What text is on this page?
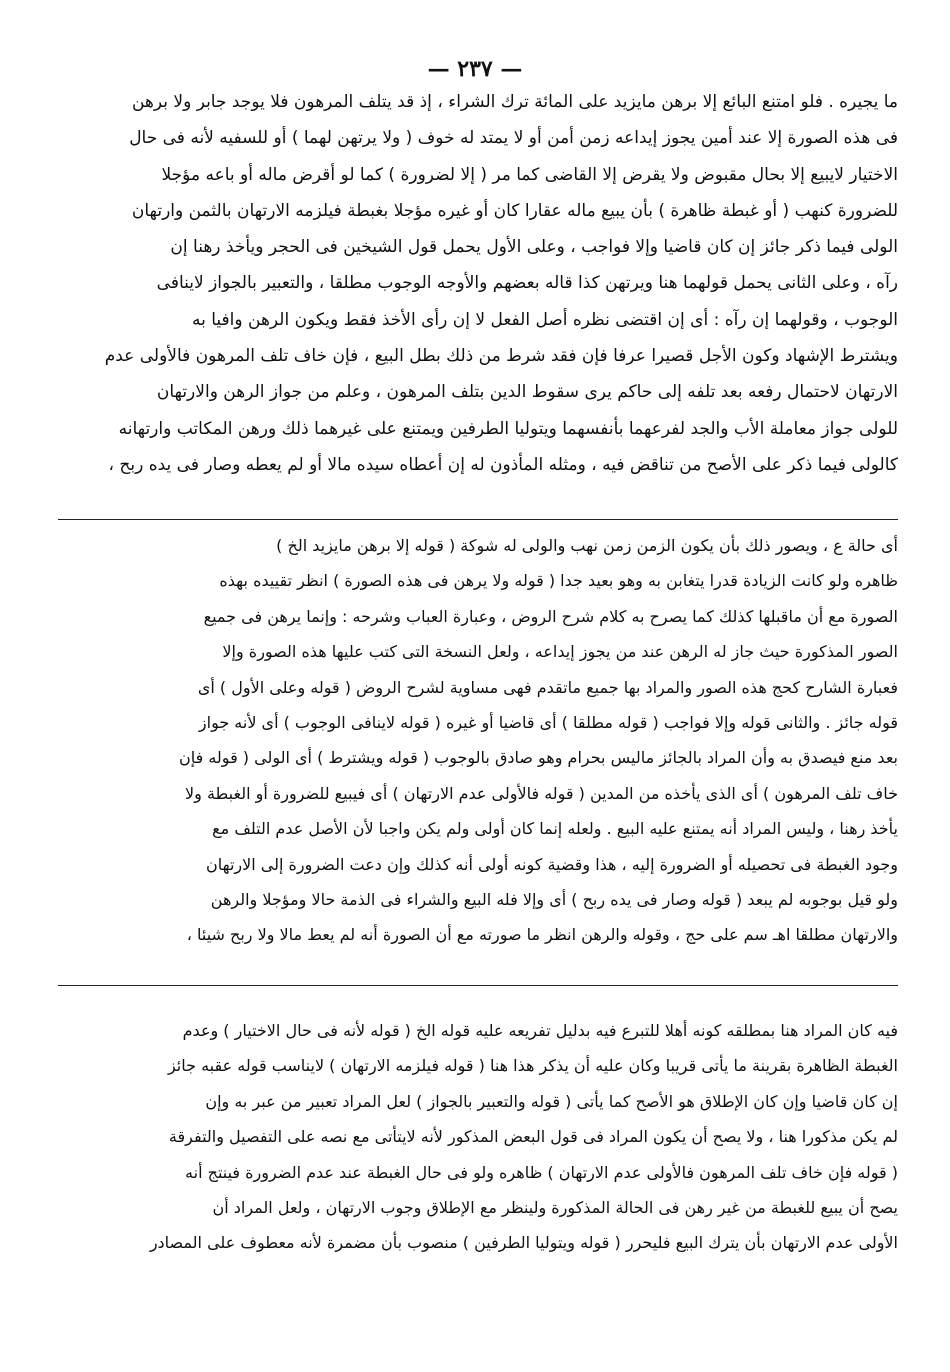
— ٢٣٧ —
ما يجيره . فلو امتنع البائع إلا برهن مايزيد على المائة ترك الشراء ، إذ قد يتلف المرهون فلا يوجد جابر ولا برهن
فى هذه الصورة إلا عند أمين يجوز إيداعه زمن أمن أو لا يمتد له خوف ( ولا يرتهن لهما ) أو للسفيه لأنه فى حال
الاختيار لايبيع إلا بحال مقبوض ولا يقرض إلا القاضى كما مر ( إلا لضرورة ) كما لو أقرض ماله أو باعه مؤجلا
للضرورة كنهب ( أو غبطة ظاهرة ) بأن يبيع ماله عقارا كان أو غيره مؤجلا بغبطة فيلزمه الارتهان بالثمن وارتهان
الولى فيما ذكر جائز إن كان قاضيا وإلا فواجب ، وعلى الأول يحمل قول الشيخين فى الحجر ويأخذ رهنا إن
رآه ، وعلى الثانى يحمل قولهما هنا ويرتهن كذا قاله بعضهم والأوجه الوجوب مطلقا ، والتعبير بالجواز لاينافى
الوجوب ، وقولهما إن رآه : أى إن اقتضى نظره أصل الفعل لا إن رأى الأخذ فقط ويكون الرهن وافيا به
ويشترط الإشهاد وكون الأجل قصيرا عرفا فإن فقد شرط من ذلك بطل البيع ، فإن خاف تلف المرهون فالأولى عدم
الارتهان لاحتمال رفعه بعد تلفه إلى حاكم يرى سقوط الدين بتلف المرهون ، وعلم من جواز الرهن والارتهان
للولى جواز معاملة الأب والجد لفرعهما بأنفسهما ويتوليا الطرفين ويمتنع على غيرهما ذلك ورهن المكاتب وارتهانه
كالولى فيما ذكر على الأصح من تناقض فيه ، ومثله المأذون له إن أعطاه سيده مالا أو لم يعطه وصار فى يده ربح ،
أى حالة ع ، ويصور ذلك بأن يكون الزمن زمن نهب والولى له شوكة ( قوله إلا برهن مايزيد الخ )
ظاهره ولو كانت الزيادة قدرا يتغابن به وهو بعيد جدا ( قوله ولا يرهن فى هذه الصورة ) انظر تقييده بهذه
الصورة مع أن ماقبلها كذلك كما يصرح به كلام شرح الروض ، وعبارة العباب وشرحه : وإنما يرهن فى جميع
الصور المذكورة حيث جاز له الرهن عند من يجوز إيداعه ، ولعل النسخة التى كتب عليها هذه الصورة وإلا
فعبارة الشارح كحج هذه الصور والمراد بها جميع ماتقدم فهى مساوية لشرح الروض ( قوله وعلى الأول ) أى
قوله جائز . والثانى قوله وإلا فواجب ( قوله مطلقا ) أى قاضيا أو غيره ( قوله لاينافى الوجوب ) أى لأنه جواز
بعد منع فيصدق به وأن المراد بالجائز ماليس بحرام وهو صادق بالوجوب ( قوله ويشترط ) أى الولى ( قوله فإن
خاف تلف المرهون ) أى الذى يأخذه من المدين ( قوله فالأولى عدم الارتهان ) أى فيبيع للضرورة أو الغبطة ولا
يأخذ رهنا ، وليس المراد أنه يمتنع عليه البيع . ولعله إنما كان أولى ولم يكن واجبا لأن الأصل عدم التلف مع
وجود الغبطة فى تحصيله أو الضرورة إليه ، هذا وقضية كونه أولى أنه كذلك وإن دعت الضرورة إلى الارتهان
ولو قيل بوجوبه لم يبعد ( قوله وصار فى يده ربح ) أى وإلا فله البيع والشراء فى الذمة حالا ومؤجلا والرهن
والارتهان مطلقا اهـ سم على حج ، وقوله والرهن انظر ما صورته مع أن الصورة أنه لم يعط مالا ولا ربح شيئا ،
فيه كان المراد هنا بمطلقه كونه أهلا للتبرع فيه بدليل تفريعه عليه قوله الخ ( قوله لأنه فى حال الاختيار ) وعدم
الغبطة الظاهرة بقرينة ما يأتى قريبا وكان عليه أن يذكر هذا هنا ( قوله فيلزمه الارتهان ) لايناسب قوله عقبه جائز
إن كان قاضيا وإن كان الإطلاق هو الأصح كما يأتى ( قوله والتعبير بالجواز ) لعل المراد تعبير من عبر به وإن
لم يكن مذكورا هنا ، ولا يصح أن يكون المراد فى قول البعض المذكور لأنه لايتأتى مع نصه على التفصيل والتفرقة
( قوله فإن خاف تلف المرهون فالأولى عدم الارتهان ) ظاهره ولو فى حال الغبطة عند عدم الضرورة فينتج أنه
يصح أن يبيع للغبطة من غير رهن فى الحالة المذكورة ولينظر مع الإطلاق وجوب الارتهان ، ولعل المراد أن
الأولى عدم الارتهان بأن يترك البيع فليحرر ( قوله ويتوليا الطرفين ) منصوب بأن مضمرة لأنه معطوف على المصادر
